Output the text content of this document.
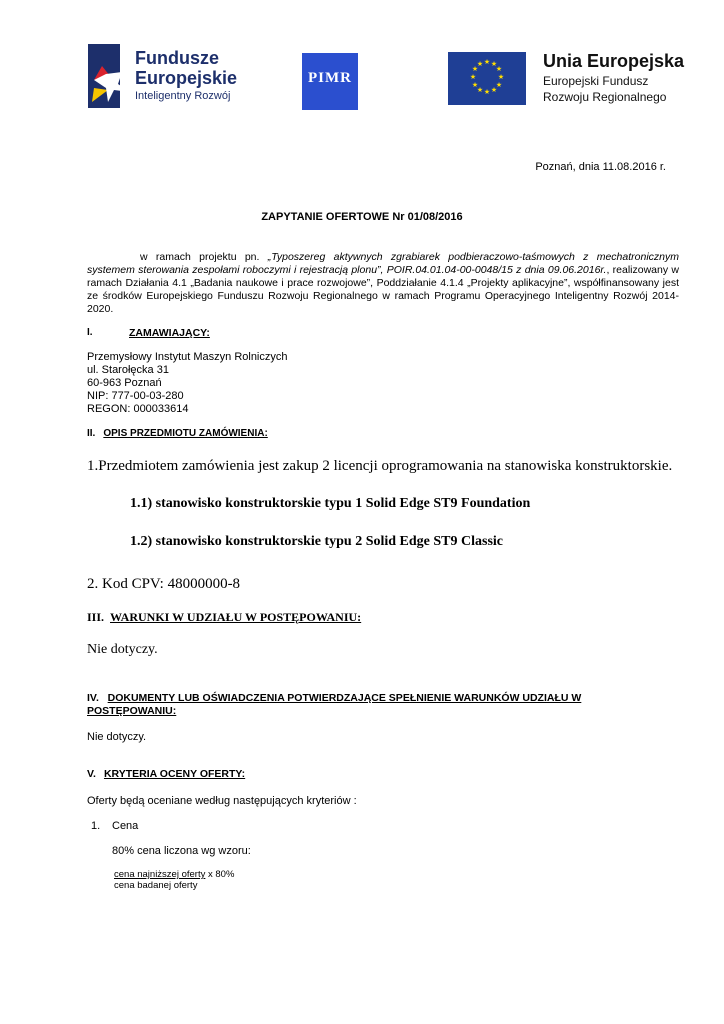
Fundusze
Europejskie
Inteligentny Rozwój
PIMR
★ ★
★
★
★
★
★
★
★
★
★
★	Unia Europejska
Europejski Fundusz
Rozwoju Regionalnego
Poznań, dnia 11.08.2016 r.
ZAPYTANIE OFERTOWE Nr 01/08/2016
w ramach projektu pn. „Typoszereg aktywnych zgrabiarek podbieraczowo-taśmowych z mechatronicznym systemem sterowania zespołami roboczymi i rejestracją plonu”, POIR.04.01.04-00-0048/15 z dnia 09.06.2016r., realizowany w ramach Działania 4.1 „Badania naukowe i prace rozwojowe”, Poddziałanie 4.1.4 „Projekty aplikacyjne”, współfinansowany jest ze środków Europejskiego Funduszu Rozwoju Regionalnego w ramach Programu Operacyjnego Inteligentny Rozwój 2014-2020.
I.	ZAMAWIAJĄCY:
Przemysłowy Instytut Maszyn Rolniczych
ul. Starołęcka 31
60-963 Poznań
NIP: 777-00-03-280
REGON: 000033614
II. OPIS PRZEDMIOTU ZAMÓWIENIA:
1.Przedmiotem zamówienia jest zakup 2 licencji oprogramowania na stanowiska konstruktorskie.
1.1) stanowisko konstruktorskie typu 1 Solid Edge ST9 Foundation
1.2) stanowisko konstruktorskie typu 2 Solid Edge ST9 Classic
2. Kod CPV: 48000000-8
III. WARUNKI W UDZIAŁU W POSTĘPOWANIU:
Nie dotyczy.
IV. DOKUMENTY LUB OŚWIADCZENIA POTWIERDZAJĄCE SPEŁNIENIE WARUNKÓW UDZIAŁU W POSTĘPOWANIU:
Nie dotyczy.
V. KRYTERIA OCENY OFERTY:
Oferty będą oceniane według następujących kryteriów :
1. Cena
80% cena liczona wg wzoru:
cena najniższej oferty x 80%
cena badanej oferty
